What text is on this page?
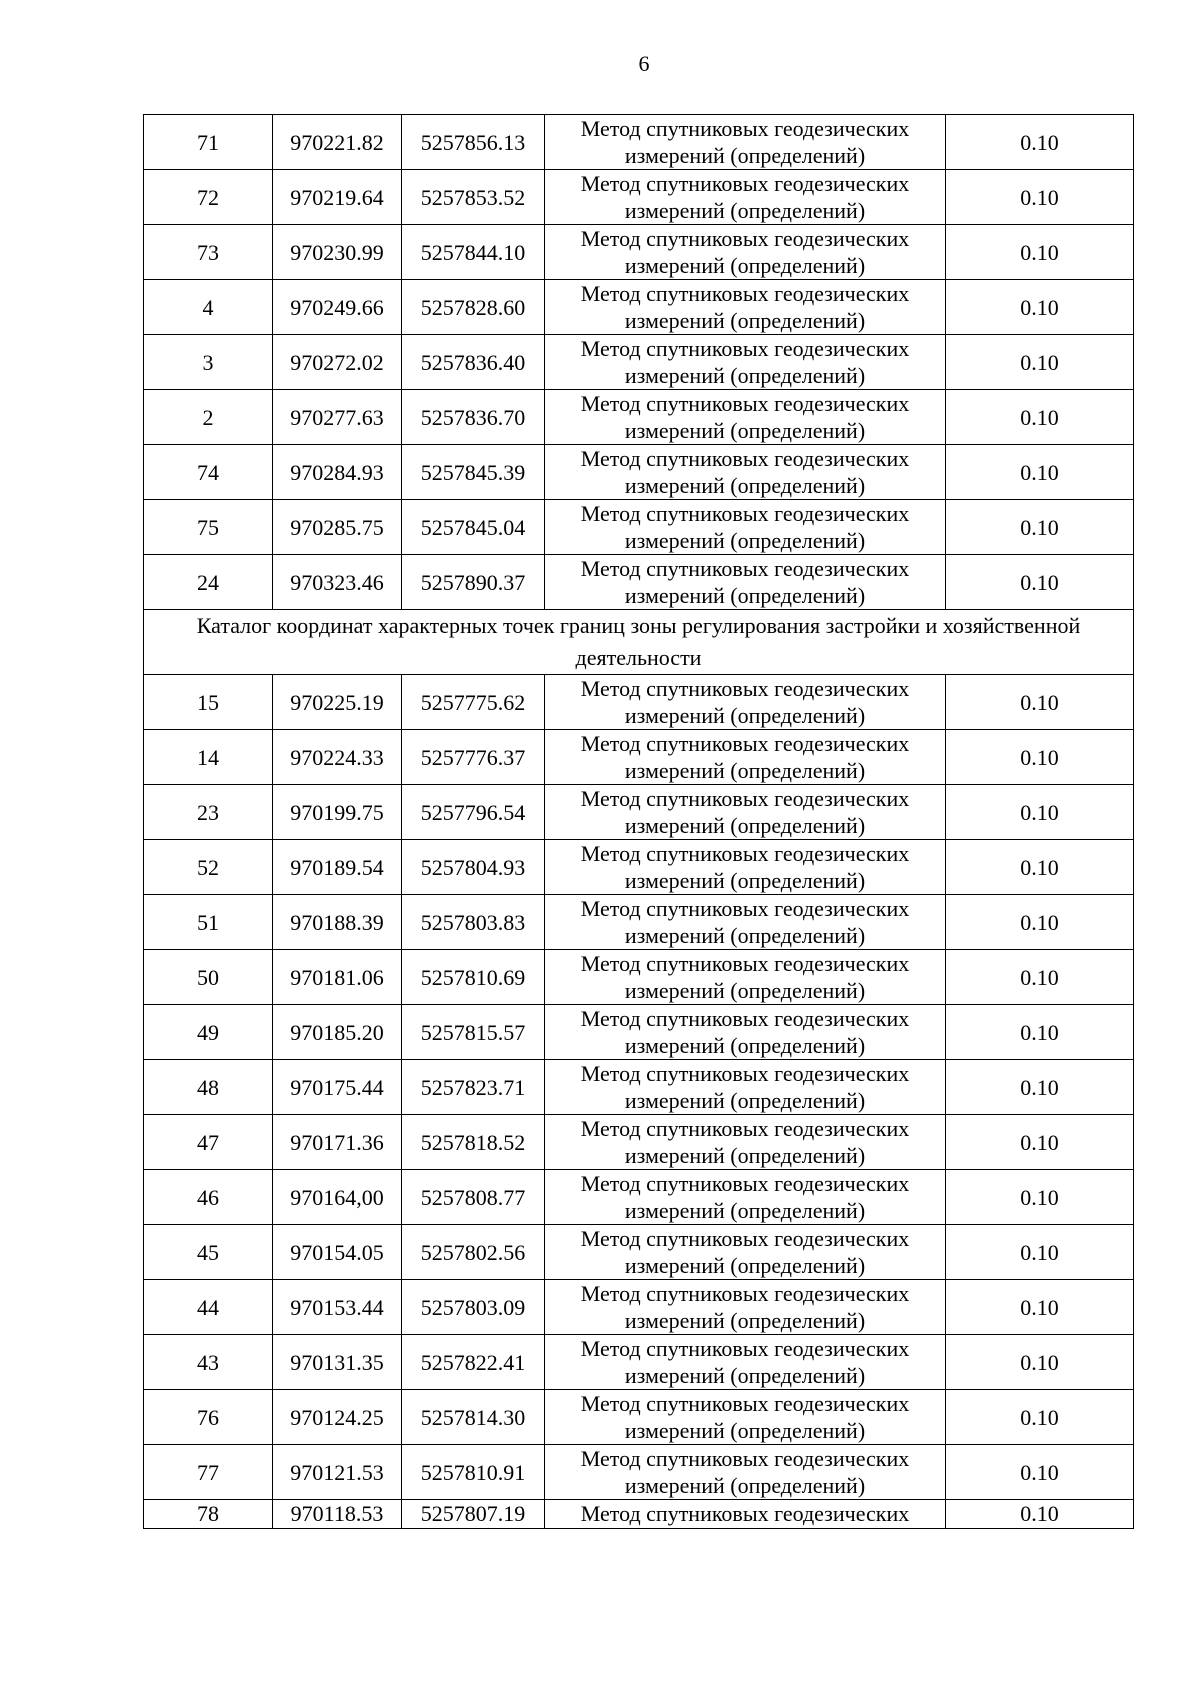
6
71	970221.82	5257856.13	Метод спутниковых геодезических измерений (определений)	0.10
72	970219.64	5257853.52	Метод спутниковых геодезических измерений (определений)	0.10
73	970230.99	5257844.10	Метод спутниковых геодезических измерений (определений)	0.10
4	970249.66	5257828.60	Метод спутниковых геодезических измерений (определений)	0.10
3	970272.02	5257836.40	Метод спутниковых геодезических измерений (определений)	0.10
2	970277.63	5257836.70	Метод спутниковых геодезических измерений (определений)	0.10
74	970284.93	5257845.39	Метод спутниковых геодезических измерений (определений)	0.10
75	970285.75	5257845.04	Метод спутниковых геодезических измерений (определений)	0.10
24	970323.46	5257890.37	Метод спутниковых геодезических измерений (определений)	0.10
Каталог координат характерных точек границ зоны регулирования застройки и хозяйственной деятельности				
15	970225.19	5257775.62	Метод спутниковых геодезических измерений (определений)	0.10
14	970224.33	5257776.37	Метод спутниковых геодезических измерений (определений)	0.10
23	970199.75	5257796.54	Метод спутниковых геодезических измерений (определений)	0.10
52	970189.54	5257804.93	Метод спутниковых геодезических измерений (определений)	0.10
51	970188.39	5257803.83	Метод спутниковых геодезических измерений (определений)	0.10
50	970181.06	5257810.69	Метод спутниковых геодезических измерений (определений)	0.10
49	970185.20	5257815.57	Метод спутниковых геодезических измерений (определений)	0.10
48	970175.44	5257823.71	Метод спутниковых геодезических измерений (определений)	0.10
47	970171.36	5257818.52	Метод спутниковых геодезических измерений (определений)	0.10
46	970164,00	5257808.77	Метод спутниковых геодезических измерений (определений)	0.10
45	970154.05	5257802.56	Метод спутниковых геодезических измерений (определений)	0.10
44	970153.44	5257803.09	Метод спутниковых геодезических измерений (определений)	0.10
43	970131.35	5257822.41	Метод спутниковых геодезических измерений (определений)	0.10
76	970124.25	5257814.30	Метод спутниковых геодезических измерений (определений)	0.10
77	970121.53	5257810.91	Метод спутниковых геодезических измерений (определений)	0.10
78	970118.53	5257807.19	Метод спутниковых геодезических	0.10
